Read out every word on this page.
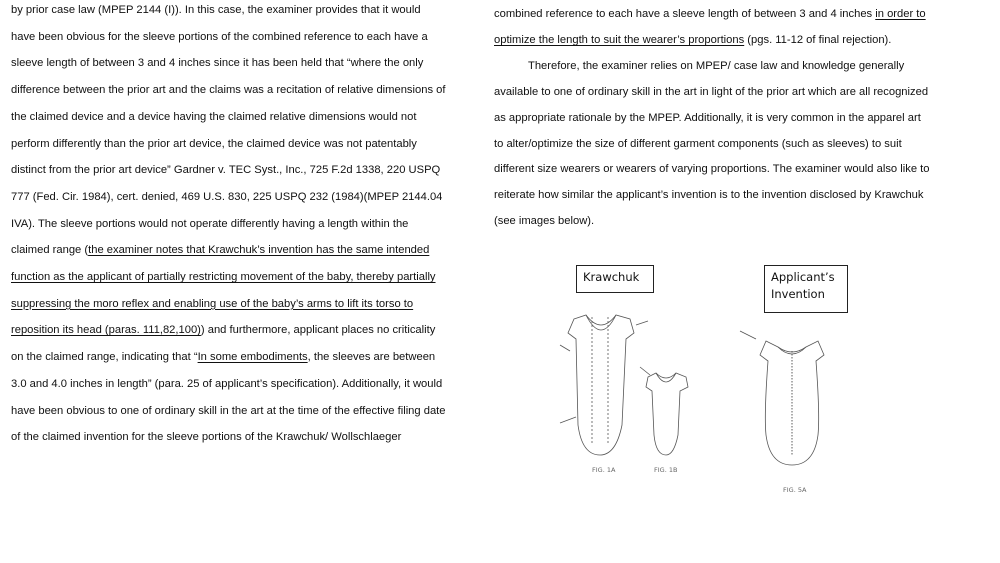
by prior case law (MPEP 2144 (I)). In this case, the examiner provides that it would
have been obvious for the sleeve portions of the combined reference to each have a
sleeve length of between 3 and 4 inches since it has been held that “where the only
difference between the prior art and the claims was a recitation of relative dimensions of
the claimed device and a device having the claimed relative dimensions would not
perform differently than the prior art device, the claimed device was not patentably
distinct from the prior art device” Gardner v. TEC Syst., Inc., 725 F.2d 1338, 220 USPQ
777 (Fed. Cir. 1984), cert. denied, 469 U.S. 830, 225 USPQ 232 (1984)(MPEP 2144.04
IVA). The sleeve portions would not operate differently having a length within the
claimed range (the examiner notes that Krawchuk’s invention has the same intended
function as the applicant of partially restricting movement of the baby, thereby partially
suppressing the moro reflex and enabling use of the baby’s arms to lift its torso to
reposition its head (paras. 111,82,100)) and furthermore, applicant places no criticality
on the claimed range, indicating that “In some embodiments, the sleeves are between
3.0 and 4.0 inches in length” (para. 25 of applicant’s specification). Additionally, it would
have been obvious to one of ordinary skill in the art at the time of the effective filing date
of the claimed invention for the sleeve portions of the Krawchuk/ Wollschlaeger
combined reference to each have a sleeve length of between 3 and 4 inches in order to
optimize the length to suit the wearer’s proportions (pgs. 11-12 of final rejection).
Therefore, the examiner relies on MPEP/ case law and knowledge generally
available to one of ordinary skill in the art in light of the prior art which are all recognized
as appropriate rationale by the MPEP. Additionally, it is very common in the apparel art
to alter/optimize the size of different garment components (such as sleeves) to suit
different size wearers or wearers of varying proportions. The examiner would also like to
reiterate how similar the applicant’s invention is to the invention disclosed by Krawchuk
(see images below).
Krawchuk	Applicant’s
Invention
FIG. 1A	FIG. 1B
FIG. 5A
